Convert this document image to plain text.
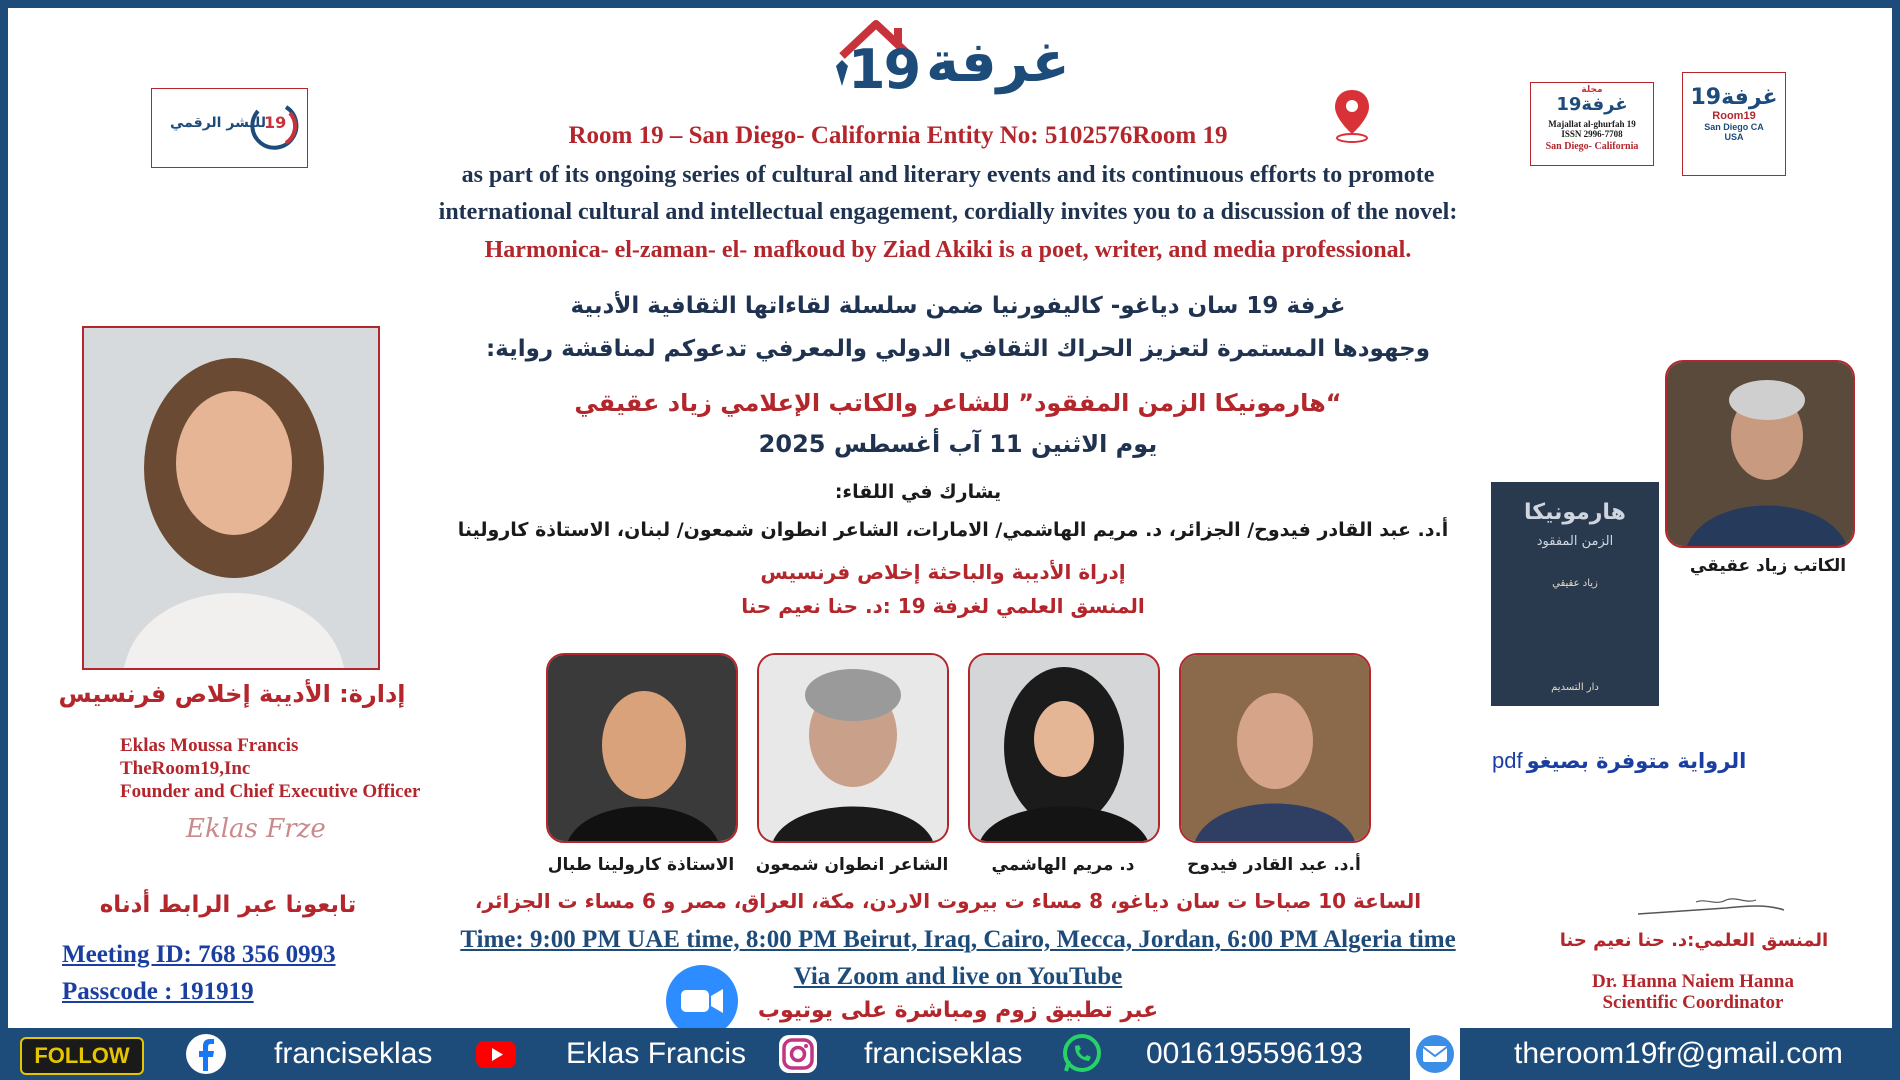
19 غرفة
للنشر الرقمي
19
مجلة
غرفة19
Majallat al-ghurfah 19
ISSN 2996-7708
San Diego- California
غرفة19
Room19
San Diego CA
USA
Room 19 – San Diego- California Entity No: 5102576Room 19
as part of its ongoing series of cultural and literary events and its continuous efforts to promote
international cultural and intellectual engagement, cordially invites you to a discussion of the novel:
Harmonica- el-zaman- el- mafkoud by Ziad Akiki is a poet, writer, and media professional.
غرفة 19 سان دياغو- كاليفورنيا ضمن سلسلة لقاءاتها الثقافية الأدبية
وجهودها المستمرة لتعزيز الحراك الثقافي الدولي والمعرفي تدعوكم لمناقشة رواية:
“هارمونيكا الزمن المفقود” للشاعر والكاتب الإعلامي زياد عقيقي
يوم الاثنين 11 آب أغسطس 2025
يشارك في اللقاء:
أ.د. عبد القادر فيدوح/ الجزائر، د. مريم الهاشمي/ الامارات، الشاعر انطوان شمعون/ لبنان، الاستاذة كارولينا
إدراة الأديبة والباحثة إخلاص فرنسيس
المنسق العلمي لغرفة 19 :د. حنا نعيم حنا
إدارة: الأديبة إخلاص فرنسيس
Eklas Moussa Francis
TheRoom19,Inc
Founder and Chief Executive Officer
Eklas Frze
تابعونا عبر الرابط أدناه
Meeting ID: 768 356 0993
Passcode : 191919
الاستاذة كارولينا طبال	الشاعر انطوان شمعون	د. مريم الهاشمي	أ.د. عبد القادر فيدوح
الساعة 10 صباحا ت سان دياغو، 8 مساء ت بيروت الاردن، مكة، العراق، مصر و 6 مساء ت الجزائر،
Time: 9:00 PM UAE time, 8:00 PM Beirut, Iraq, Cairo, Mecca, Jordan, 6:00 PM Algeria time
Via Zoom and live on YouTube
عبر تطبيق زوم ومباشرة على يوتيوب
هارمونيكا
الزمن المفقود
زياد عقيقي
دار التسديم
الكاتب زياد عقيقي
pdf الرواية متوفرة بصيغو
المنسق العلمي:د. حنا نعيم حنا
Dr. Hanna Naiem Hanna
Scientific Coordinator
FOLLOW	franciseklas	Eklas Francis	franciseklas	0016195596193	theroom19fr@gmail.com
